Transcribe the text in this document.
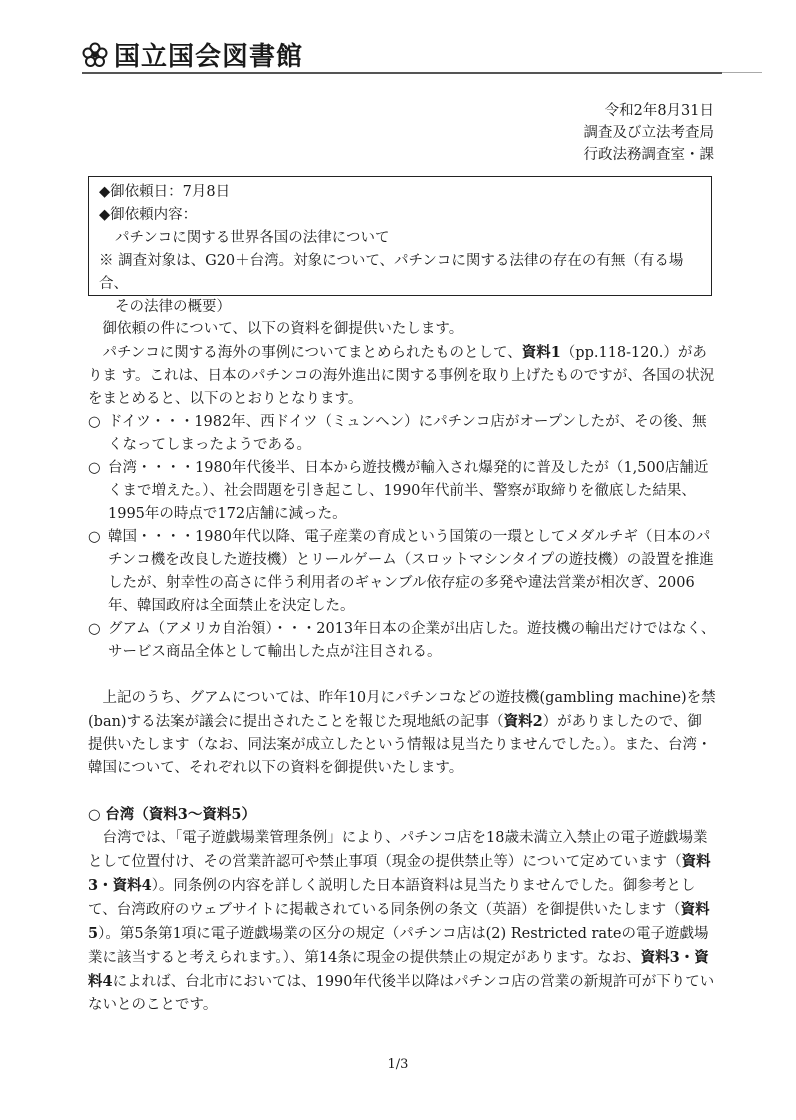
国立国会図書館
令和2年8月31日
調査及び立法考査局
行政法務調査室・課
◆御依頼日：7月8日
◆御依頼内容：
パチンコに関する世界各国の法律について
※ 調査対象は、G20＋台湾。対象について、パチンコに関する法律の存在の有無（有る場合、
その法律の概要）

御依頼の件について、以下の資料を御提供いたします。

パチンコに関する海外の事例についてまとめられたものとして、資料1（pp.118-120.）がありま す。これは、日本のパチンコの海外進出に関する事例を取り上げたものですが、各国の状況をまとめると、以下のとおりとなります。

○ ドイツ・・・1982年、西ドイツ（ミュンヘン）にパチンコ店がオープンしたが、その後、無くなってしまったようである。
○ 台湾・・・・1980年代後半、日本から遊技機が輸入され爆発的に普及したが（1,500店舗近くまで増えた。）、社会問題を引き起こし、1990年代前半、警察が取締りを徹底した結果、1995年の時点で172店舗に減った。
○ 韓国・・・・1980年代以降、電子産業の育成という国策の一環としてメダルチギ（日本のパチンコ機を改良した遊技機）とリールゲーム（スロットマシンタイプの遊技機）の設置を推進したが、射幸性の高さに伴う利用者のギャンブル依存症の多発や違法営業が相次ぎ、2006年、韓国政府は全面禁止を決定した。
○ グアム（アメリカ自治領）・・・2013年日本の企業が出店した。遊技機の輸出だけではなく、サービス商品全体として輸出した点が注目される。

上記のうち、グアムについては、昨年10月にパチンコなどの遊技機(gambling machine)を禁(ban)する法案が議会に提出されたことを報じた現地紙の記事（資料2）がありましたので、御提供いたします（なお、同法案が成立したという情報は見当たりませんでした。）。また、台湾・韓国について、それぞれ以下の資料を御提供いたします。

○ 台湾（資料3～資料5）

台湾では、「電子遊戯場業管理条例」により、パチンコ店を18歳未満立入禁止の電子遊戯場業として位置付け、その営業許認可や禁止事項（現金の提供禁止等）について定めています（資料3・資料4）。同条例の内容を詳しく説明した日本語資料は見当たりませんでした。御参考として、台湾政府のウェブサイトに掲載されている同条例の条文（英語）を御提供いたします（資料5）。第5条第1項に電子遊戯場業の区分の規定（パチンコ店は(2) Restricted rateの電子遊戯場業に該当すると考えられます。）、第14条に現金の提供禁止の規定があります。なお、資料3・資料4によれば、台北市においては、1990年代後半以降はパチンコ店の営業の新規許可が下りていないとのことです。

1/3
